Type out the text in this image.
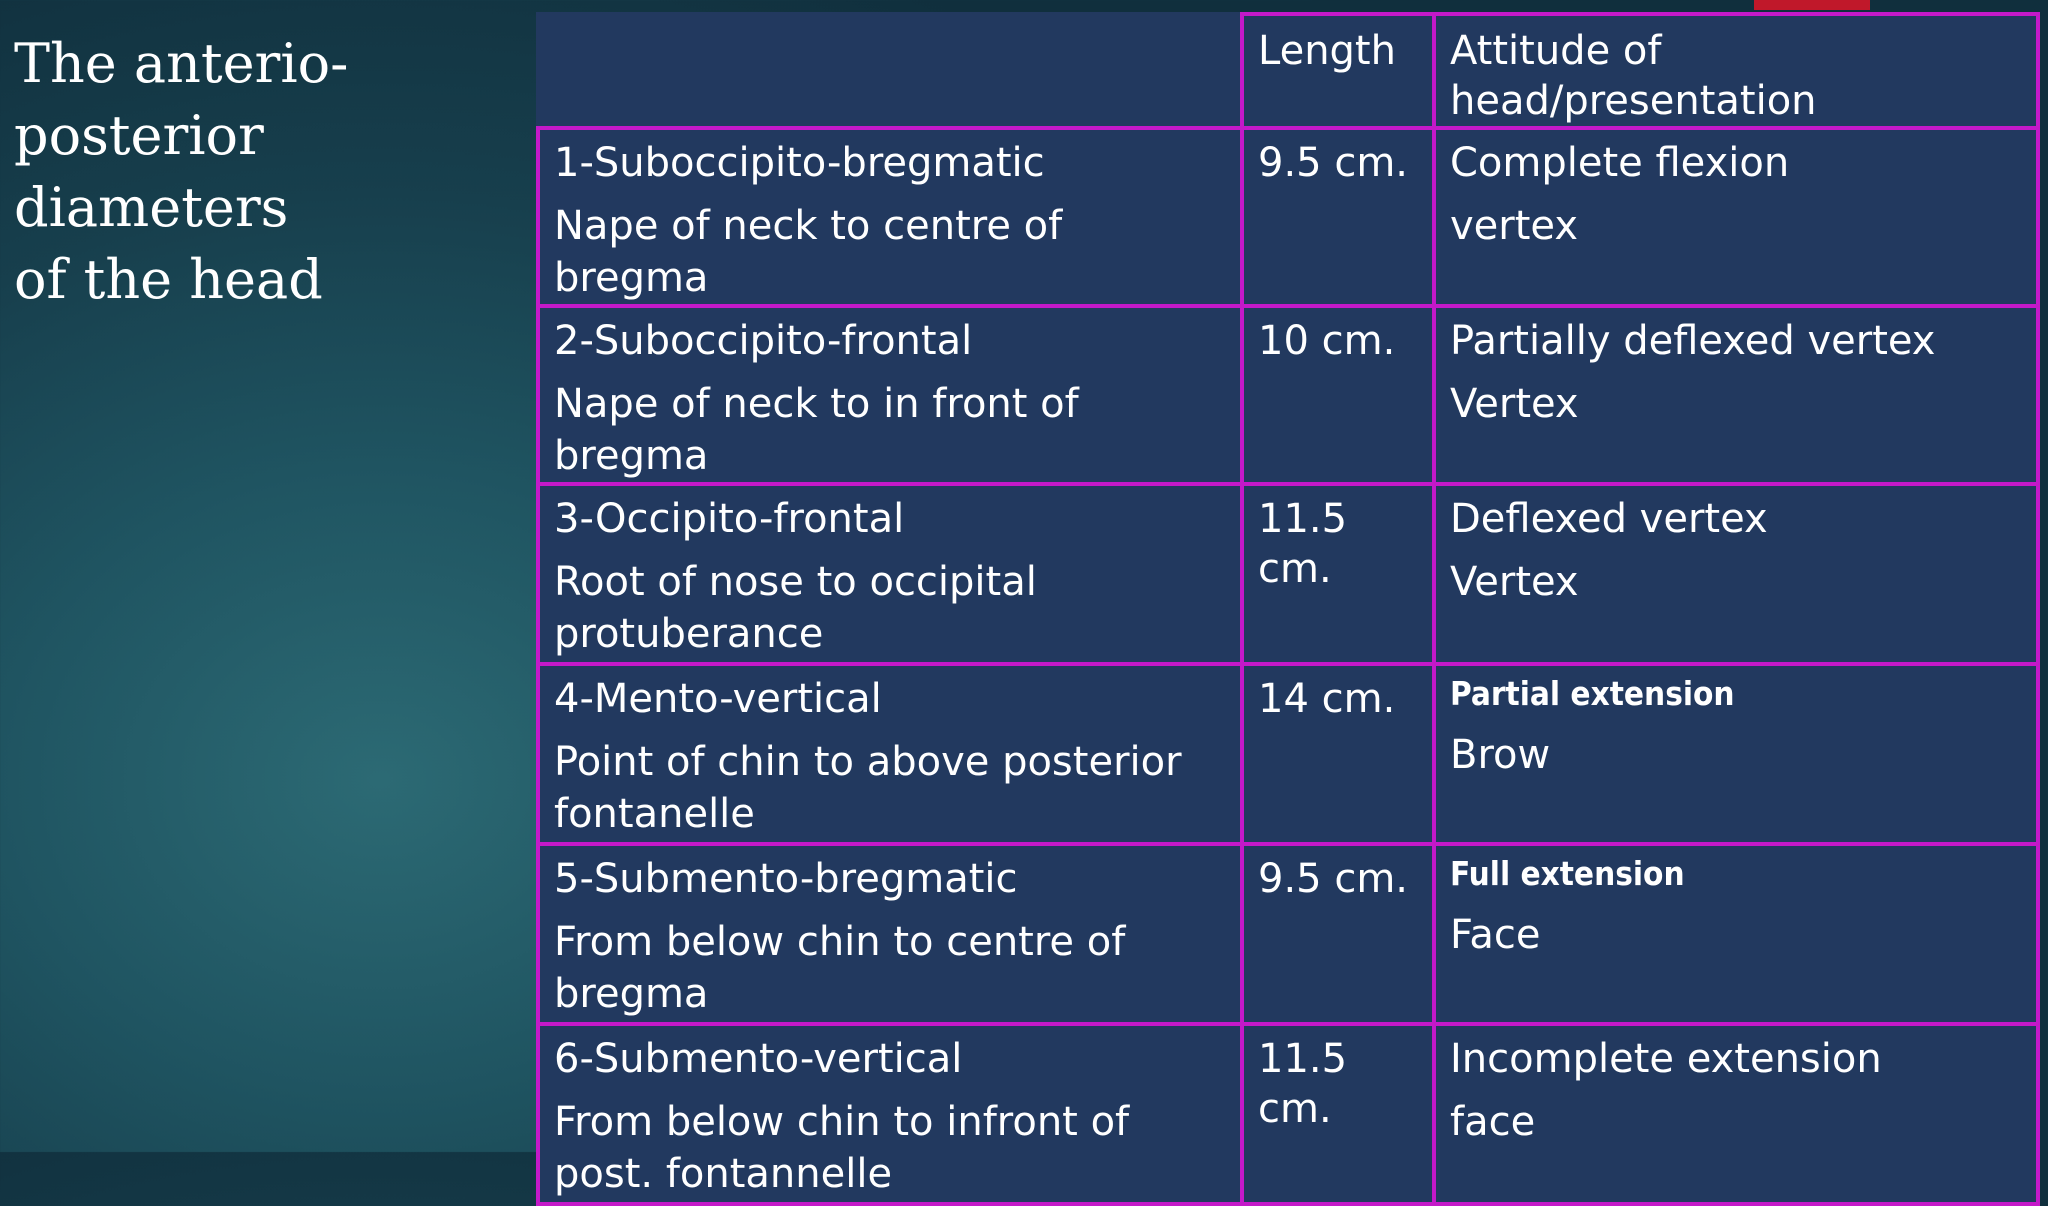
The anterio-
posterior diameters
of the head
	Length	Attitude of head/presentation

1-Suboccipito-bregmatic
Nape of neck to centre of bregma	9.5 cm.	Complete flexion
vertex

2-Suboccipito-frontal
Nape of neck to in front of bregma	10 cm.	Partially deflexed vertex
Vertex

3-Occipito-frontal
Root of nose to occipital protuberance	11.5 cm.	Deflexed vertex
Vertex

4-Mento-vertical
Point of chin to above posterior fontanelle	14 cm.	Partial extension
Brow

5-Submento-bregmatic
From below chin to centre of bregma	9.5 cm.	Full extension
Face

6-Submento-vertical
From below chin to infront of post. fontannelle	11.5 cm.	Incomplete extension
face
